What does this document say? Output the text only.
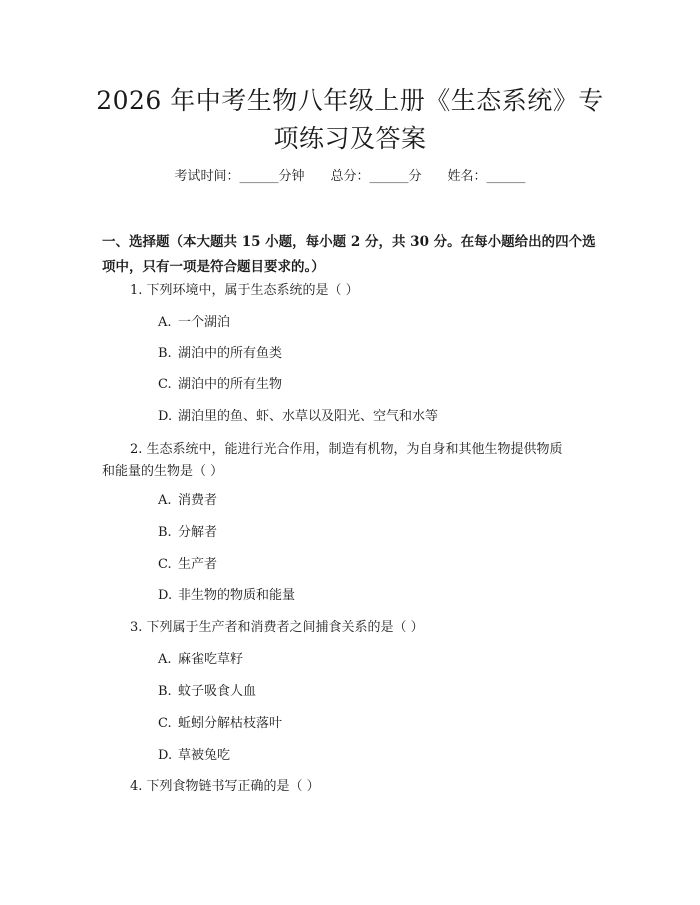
2026 年中考生物八年级上册《生态系统》专
项练习及答案
考试时间：______分钟 总分：______分 姓名：______
一、选择题（本大题共 15 小题，每小题 2 分，共 30 分。在每小题给出的四个选
项中，只有一项是符合题目要求的。）
1. 下列环境中，属于生态系统的是（ ）
A. 一个湖泊
B. 湖泊中的所有鱼类
C. 湖泊中的所有生物
D. 湖泊里的鱼、虾、水草以及阳光、空气和水等
2. 生态系统中，能进行光合作用，制造有机物，为自身和其他生物提供物质
和能量的生物是（ ）
A. 消费者
B. 分解者
C. 生产者
D. 非生物的物质和能量
3. 下列属于生产者和消费者之间捕食关系的是（ ）
A. 麻雀吃草籽
B. 蚊子吸食人血
C. 蚯蚓分解枯枝落叶
D. 草被兔吃
4. 下列食物链书写正确的是（ ）
